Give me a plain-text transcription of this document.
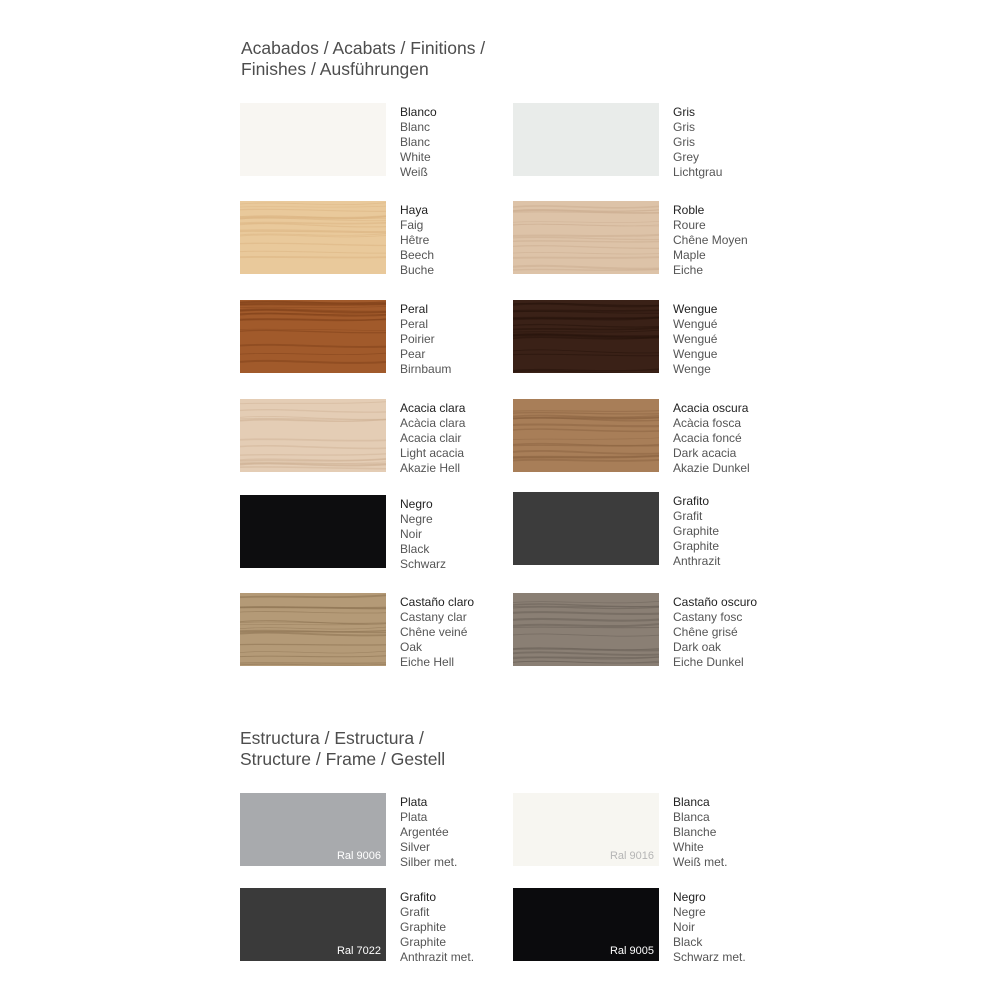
Acabados / Acabats / Finitions /
Finishes / Ausführungen
Blanco
Blanc
Blanc
White
Weiß
Gris
Gris
Gris
Grey
Lichtgrau
Haya
Faig
Hêtre
Beech
Buche
Roble
Roure
Chêne Moyen
Maple
Eiche
Peral
Peral
Poirier
Pear
Birnbaum
Wengue
Wengué
Wengué
Wengue
Wenge
Acacia clara
Acàcia clara
Acacia clair
Light acacia
Akazie Hell
Acacia oscura
Acàcia fosca
Acacia foncé
Dark acacia
Akazie Dunkel
Negro
Negre
Noir
Black
Schwarz
Grafito
Grafit
Graphite
Graphite
Anthrazit
Castaño claro
Castany clar
Chêne veiné
Oak
Eiche Hell
Castaño oscuro
Castany fosc
Chêne grisé
Dark oak
Eiche Dunkel
Estructura / Estructura /
Structure / Frame / Gestell
Ral 9006
Plata
Plata
Argentée
Silver
Silber met.	Ral 9016
Blanca
Blanca
Blanche
White
Weiß met.
Ral 7022
Grafito
Grafit
Graphite
Graphite
Anthrazit met.	Ral 9005
Negro
Negre
Noir
Black
Schwarz met.
